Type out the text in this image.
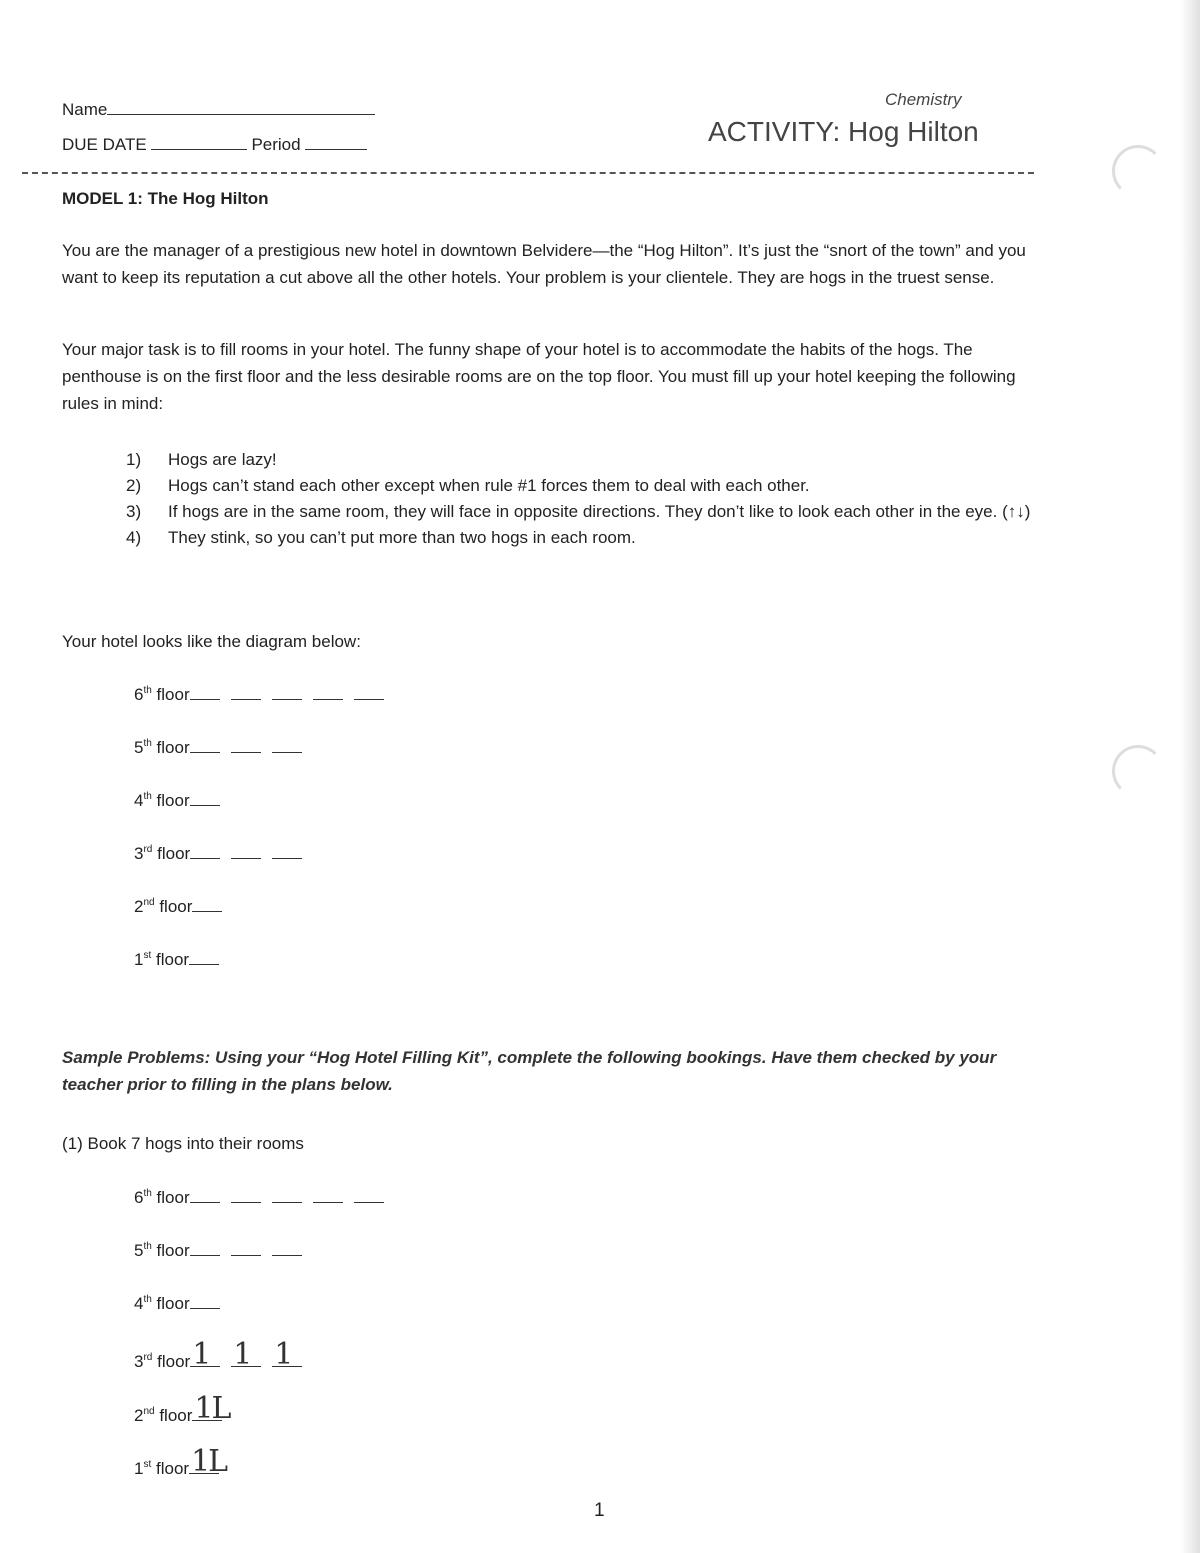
Name
DUE DATE	Period
Chemistry
ACTIVITY: Hog Hilton
MODEL 1: The Hog Hilton

You are the manager of a prestigious new hotel in downtown Belvidere—the “Hog Hilton”. It’s just the “snort of the town” and you want to keep its reputation a cut above all the other hotels. Your problem is your clientele. They are hogs in the truest sense.

Your major task is to fill rooms in your hotel. The funny shape of your hotel is to accommodate the habits of the hogs. The penthouse is on the first floor and the less desirable rooms are on the top floor. You must fill up your hotel keeping the following rules in mind:

1) Hogs are lazy!
2) Hogs can’t stand each other except when rule #1 forces them to deal with each other.
3) If hogs are in the same room, they will face in opposite directions. They don’t like to look each other in the eye. (↑↓)
4) They stink, so you can’t put more than two hogs in each room.
Your hotel looks like the diagram below:
6th floor
5th floor
4th floor
3rd floor
2nd floor
1st floor

Sample Problems: Using your “Hog Hotel Filling Kit”, complete the following bookings. Have them checked by your teacher prior to filling in the plans below.

(1) Book 7 hogs into their rooms
6th floor
5th floor
4th floor
3rd floor 1 1 1
2nd floor 1L
1st floor 1L
1
